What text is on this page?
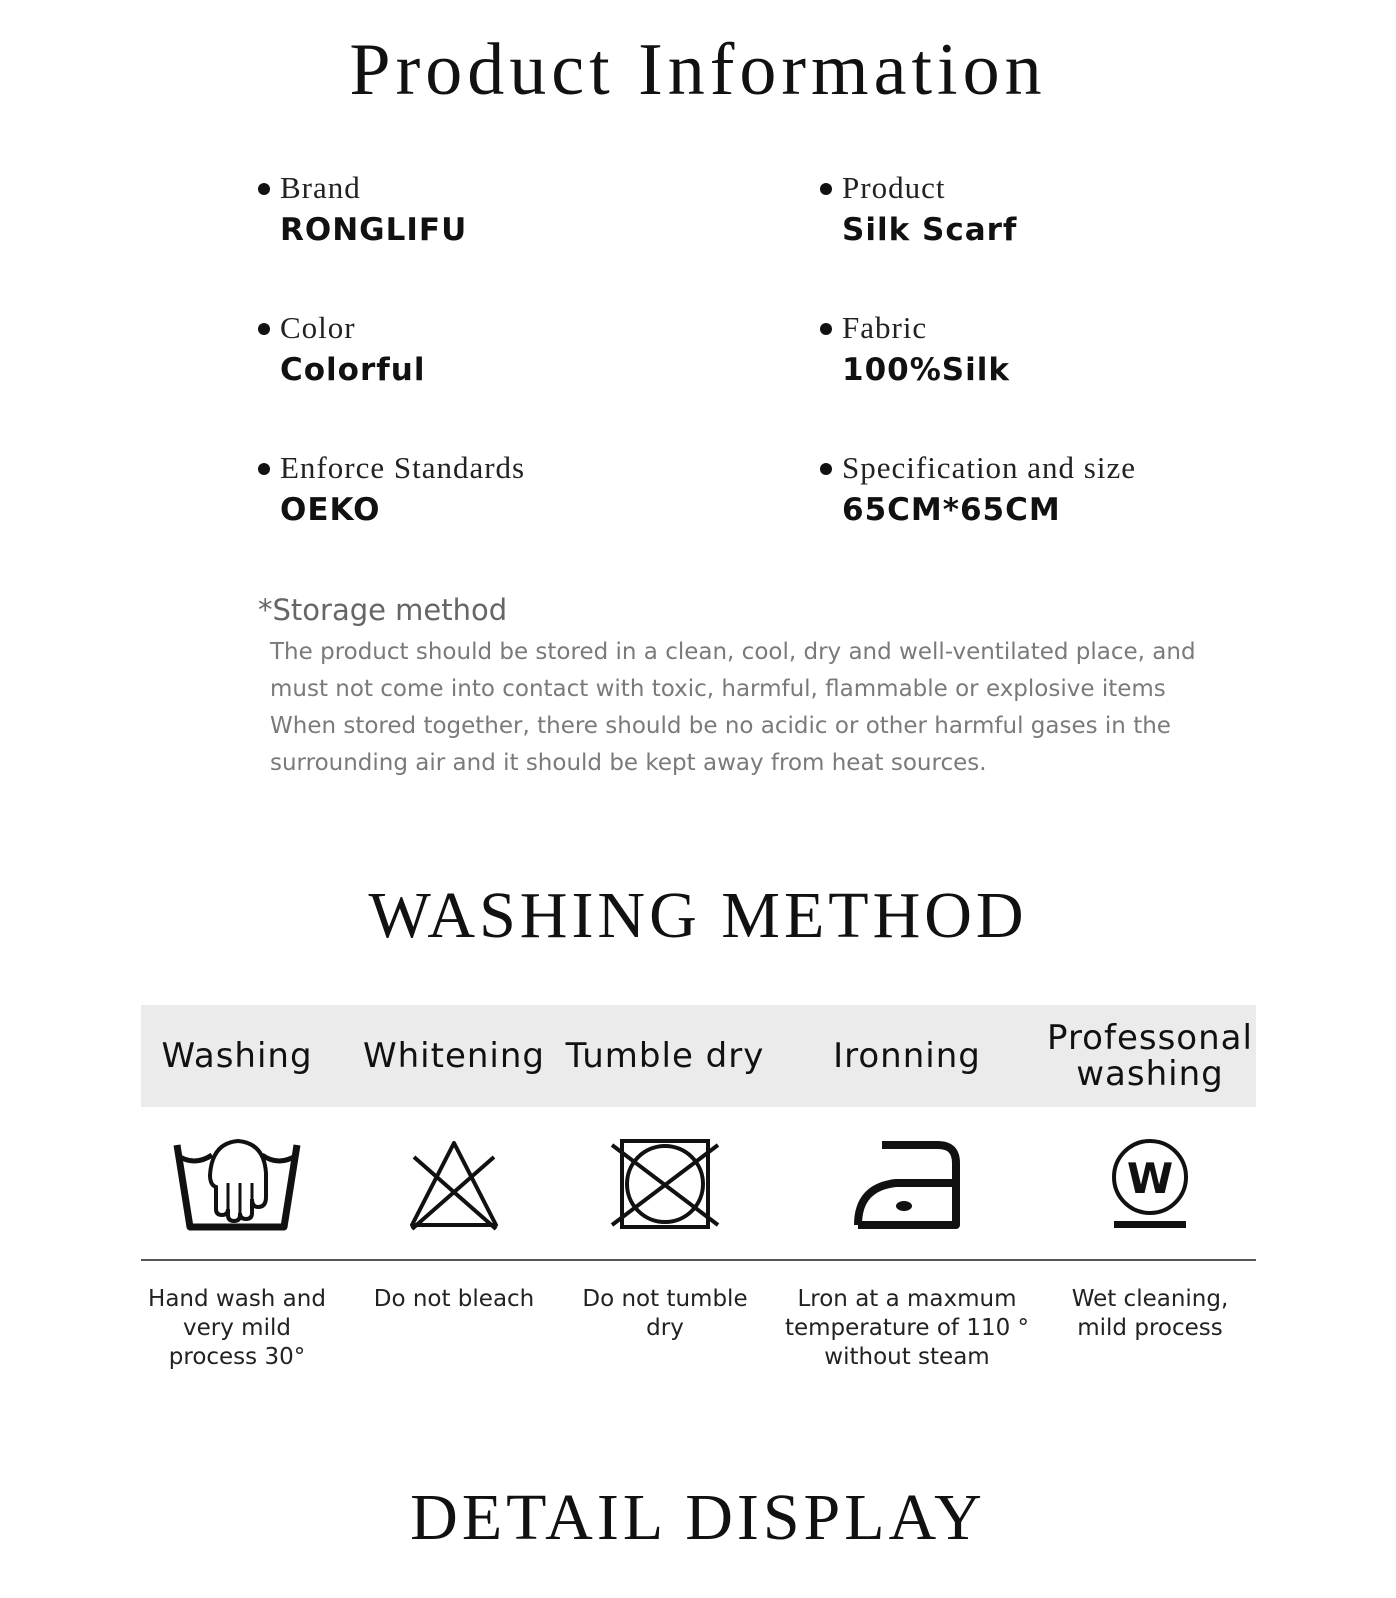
Product Information
Brand
RONGLIFU
Product
Silk Scarf
Color
Colorful
Fabric
100%Silk
Enforce Standards
OEKO
Specification and size
65CM*65CM
*Storage method
The product should be stored in a clean, cool, dry and well-ventilated place, and
must not come into contact with toxic, harmful, flammable or explosive items
When stored together, there should be no acidic or other harmful gases in the
surrounding air and it should be kept away from heat sources.
WASHING METHOD
Washing Whitening Tumble dry Ironning Professonal
washing
W
Hand wash and
very mild
process 30°
Do not bleach	Do not tumble
dry
Lron at a maxmum
temperature of 110 °
without steam
Wet cleaning,
mild process
DETAIL DISPLAY
